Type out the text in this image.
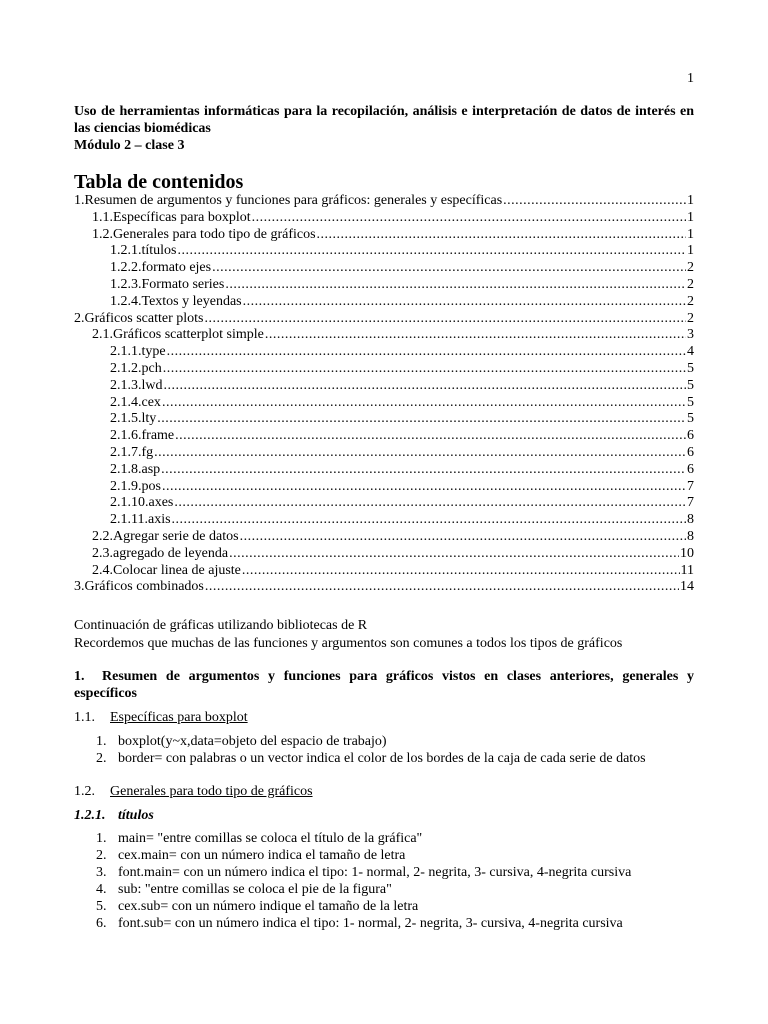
1
Uso de herramientas informáticas para la recopilación, análisis e interpretación de datos de interés en las ciencias biomédicas
Módulo 2 – clase 3
Tabla de contenidos
1.Resumen de argumentos y funciones para gráficos: generales y específicas .....	1
1.1.Específicas para boxplot .....	1
1.2.Generales para todo tipo de gráficos .....	1
1.2.1.títulos .....	1
1.2.2.formato ejes .....	2
1.2.3.Formato series .....	2
1.2.4.Textos y leyendas .....	2
2.Gráficos scatter plots .....	2
2.1.Gráficos scatterplot simple .....	3
2.1.1.type .....	4
2.1.2.pch .....	5
2.1.3.lwd .....	5
2.1.4.cex .....	5
2.1.5.lty .....	5
2.1.6.frame .....	6
2.1.7.fg .....	6
2.1.8.asp .....	6
2.1.9.pos .....	7
2.1.10.axes .....	7
2.1.11.axis .....	8
2.2.Agregar serie de datos .....	8
2.3.agregado de leyenda .....	10
2.4.Colocar linea de ajuste .....	11
3.Gráficos combinados .....	14

Continuación de gráficas utilizando bibliotecas de R

Recordemos que muchas de las funciones y argumentos son comunes a todos los tipos de gráficos

1. Resumen de argumentos y funciones para gráficos vistos en clases anteriores, generales y específicos
1.1. Específicas para boxplot
1. boxplot(y~x,data=objeto del espacio de trabajo)
2. border= con palabras o un vector indica el color de los bordes de la caja de cada serie de datos
1.2. Generales para todo tipo de gráficos
1.2.1. títulos
1. main= "entre comillas se coloca el título de la gráfica"
2. cex.main= con un número indica el tamaño de letra
3. font.main= con un número indica el tipo: 1- normal, 2- negrita, 3- cursiva, 4-negrita cursiva
4. sub: "entre comillas se coloca el pie de la figura"
5. cex.sub= con un número indique el tamaño de la letra
6. font.sub= con un número indica el tipo: 1- normal, 2- negrita, 3- cursiva, 4-negrita cursiva
